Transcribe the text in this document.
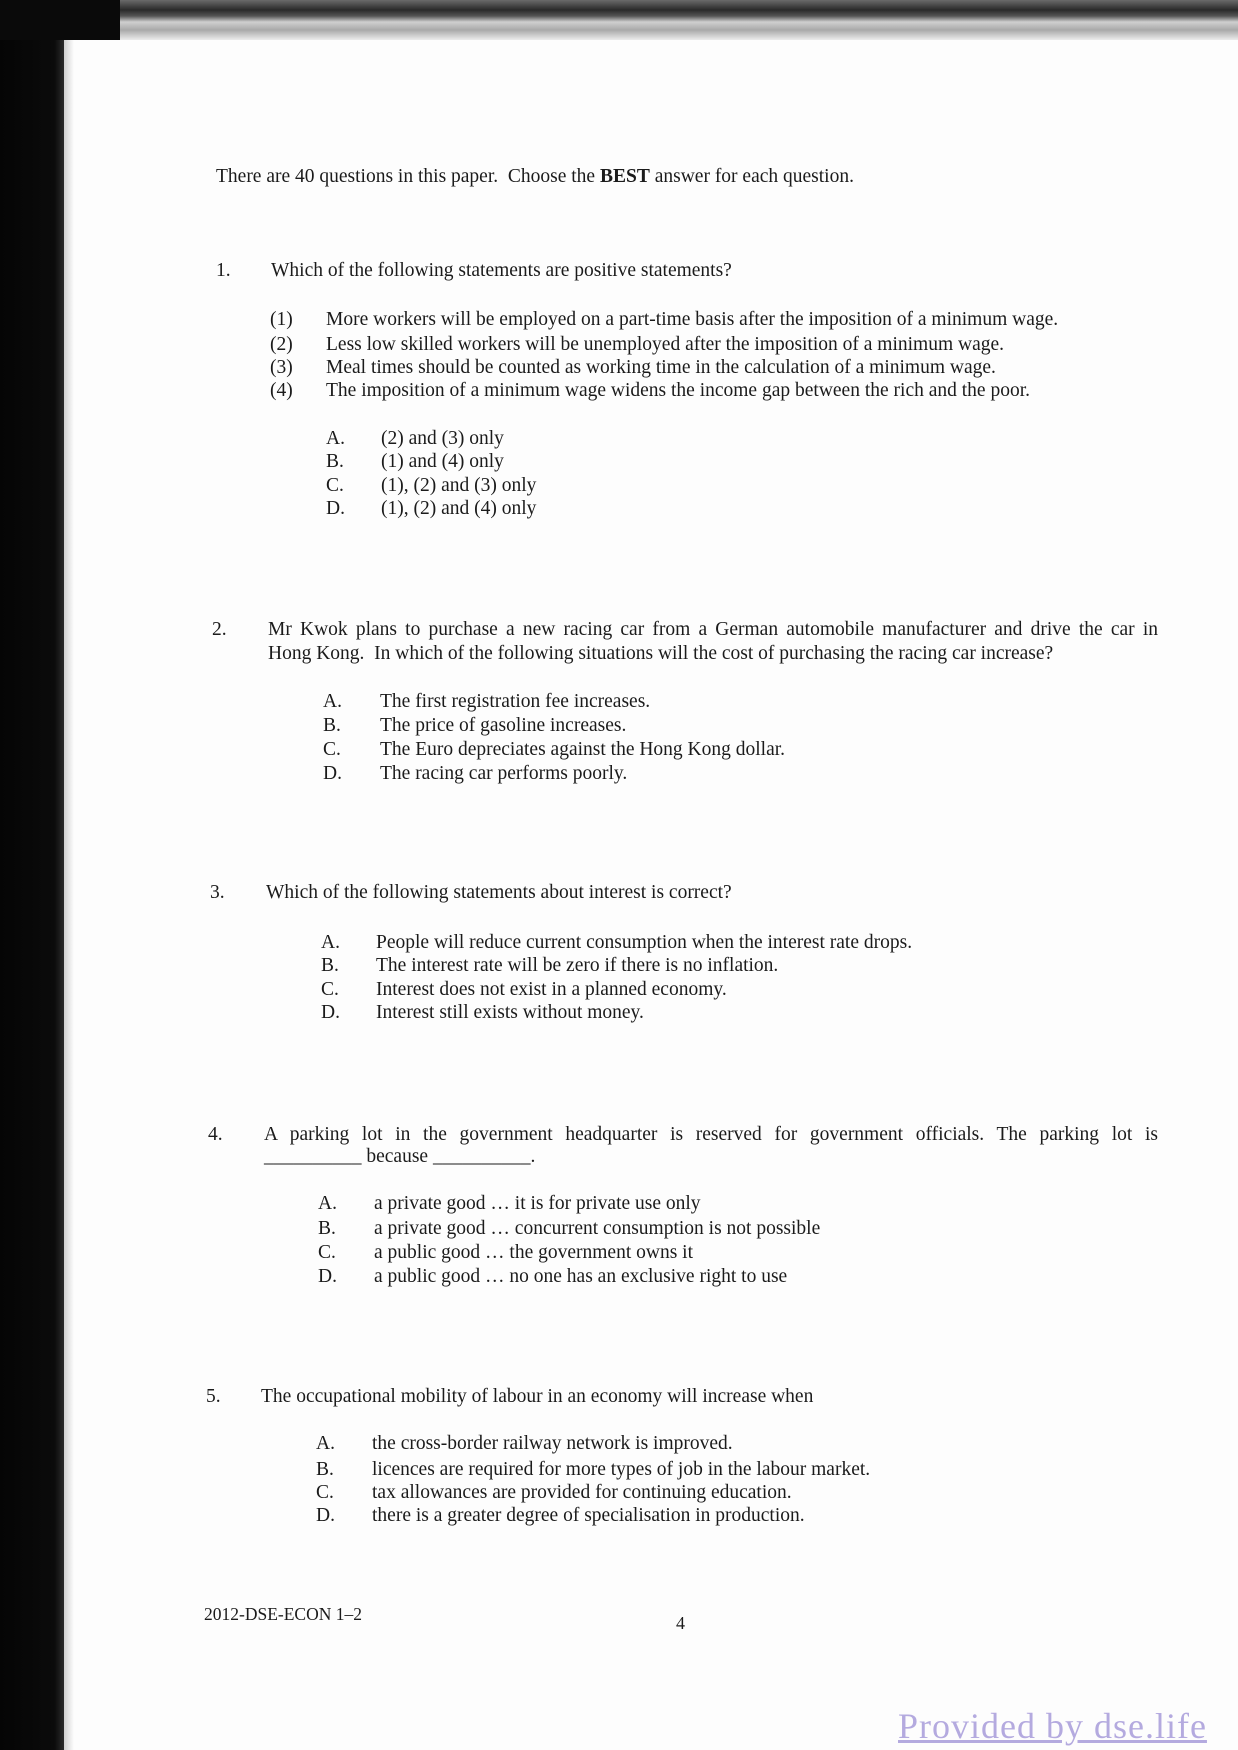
There are 40 questions in this paper.  Choose the BEST answer for each question.
1. Which of the following statements are positive statements?
(1) More workers will be employed on a part-time basis after the imposition of a minimum wage.
(2) Less low skilled workers will be unemployed after the imposition of a minimum wage.
(3) Meal times should be counted as working time in the calculation of a minimum wage.
(4) The imposition of a minimum wage widens the income gap between the rich and the poor.
A. (2) and (3) only
B. (1) and (4) only
C. (1), (2) and (3) only
D. (1), (2) and (4) only
2. Mr Kwok plans to purchase a new racing car from a German automobile manufacturer and drive the car in
Hong Kong.  In which of the following situations will the cost of purchasing the racing car increase?
A. The first registration fee increases.
B. The price of gasoline increases.
C. The Euro depreciates against the Hong Kong dollar.
D. The racing car performs poorly.
3. Which of the following statements about interest is correct?
A. People will reduce current consumption when the interest rate drops.
B. The interest rate will be zero if there is no inflation.
C. Interest does not exist in a planned economy.
D. Interest still exists without money.
4. A parking lot in the government headquarter is reserved for government officials. The parking lot is
__________ because __________.
A. a private good … it is for private use only
B. a private good … concurrent consumption is not possible
C. a public good … the government owns it
D. a public good … no one has an exclusive right to use
5. The occupational mobility of labour in an economy will increase when
A. the cross-border railway network is improved.
B. licences are required for more types of job in the labour market.
C. tax allowances are provided for continuing education.
D. there is a greater degree of specialisation in production.
2012-DSE-ECON 1–2	4
Provided by dse.life
